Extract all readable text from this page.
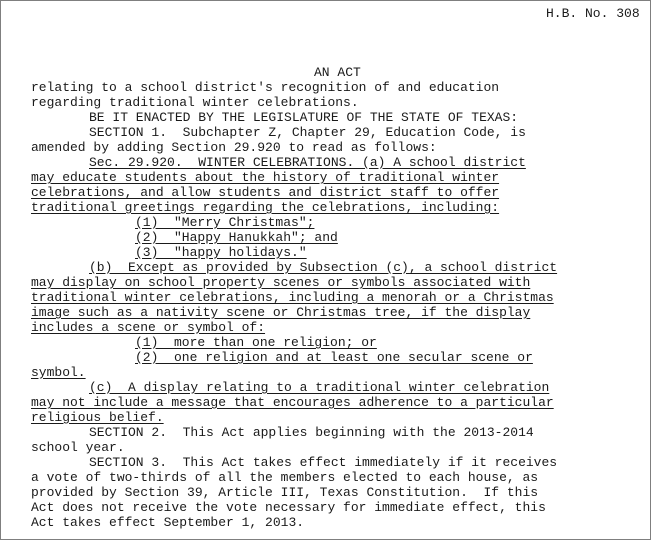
H.B. No. 308
AN ACT
relating to a school district's recognition of and education
regarding traditional winter celebrations.
BE IT ENACTED BY THE LEGISLATURE OF THE STATE OF TEXAS:
SECTION 1.  Subchapter Z, Chapter 29, Education Code, is
amended by adding Section 29.920 to read as follows:
Sec. 29.920.  WINTER CELEBRATIONS. (a) A school district
may educate students about the history of traditional winter
celebrations, and allow students and district staff to offer
traditional greetings regarding the celebrations, including:
(1)  "Merry Christmas";
(2)  "Happy Hanukkah"; and
(3)  "happy holidays."
(b)  Except as provided by Subsection (c), a school district
may display on school property scenes or symbols associated with
traditional winter celebrations, including a menorah or a Christmas
image such as a nativity scene or Christmas tree, if the display
includes a scene or symbol of:
(1)  more than one religion; or
(2)  one religion and at least one secular scene or
symbol.
(c)  A display relating to a traditional winter celebration
may not include a message that encourages adherence to a particular
religious belief.
SECTION 2.  This Act applies beginning with the 2013-2014
school year.
SECTION 3.  This Act takes effect immediately if it receives
a vote of two-thirds of all the members elected to each house, as
provided by Section 39, Article III, Texas Constitution.  If this
Act does not receive the vote necessary for immediate effect, this
Act takes effect September 1, 2013.
